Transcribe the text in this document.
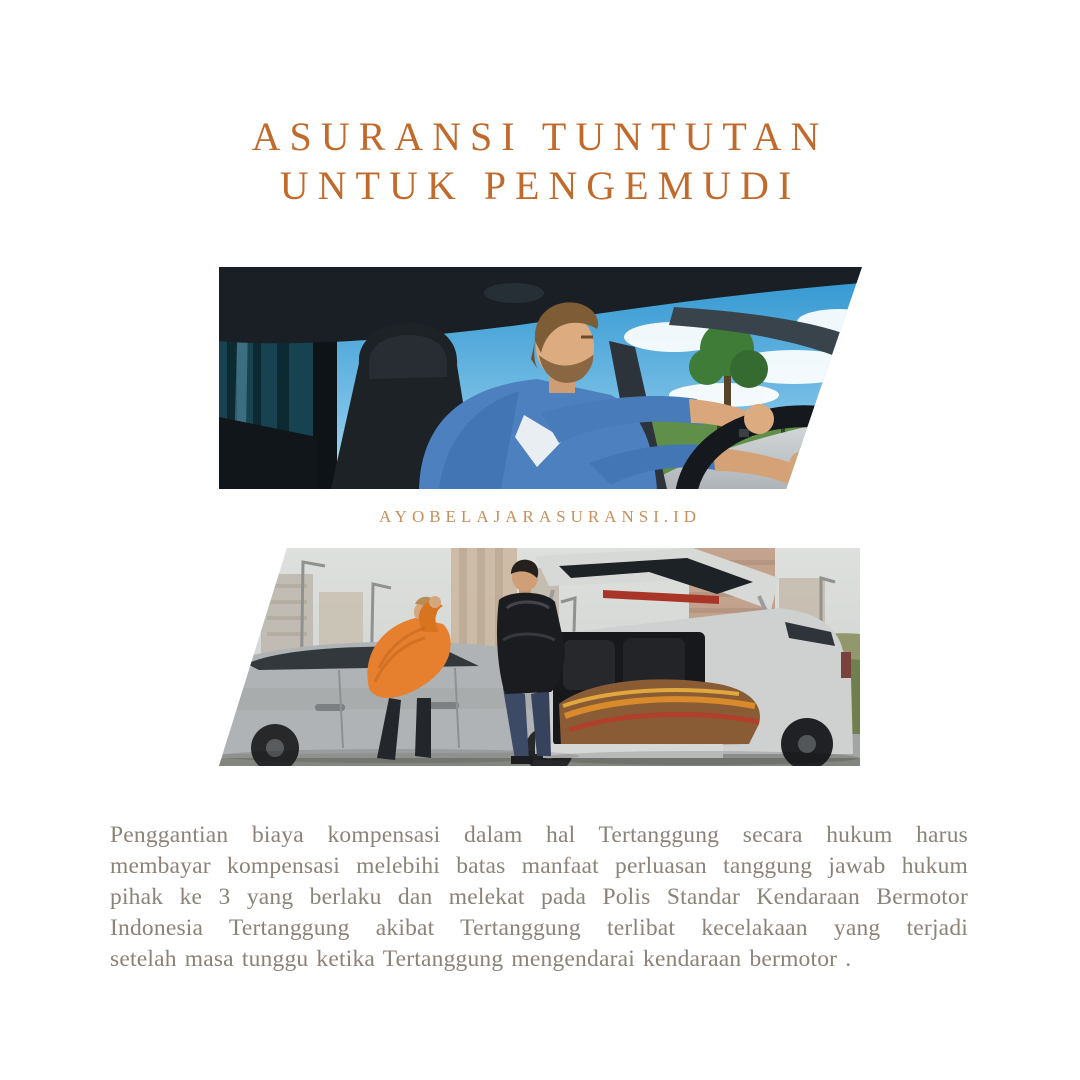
ASURANSI TUNTUTAN
UNTUK PENGEMUDI
AYOBELAJARASURANSI.ID
Penggantian biaya kompensasi dalam hal Tertanggung secara hukum harus
membayar kompensasi melebihi batas manfaat perluasan tanggung jawab hukum
pihak ke 3 yang berlaku dan melekat pada Polis Standar Kendaraan Bermotor
Indonesia Tertanggung akibat Tertanggung terlibat kecelakaan yang terjadi
setelah masa tunggu ketika Tertanggung mengendarai kendaraan bermotor .
